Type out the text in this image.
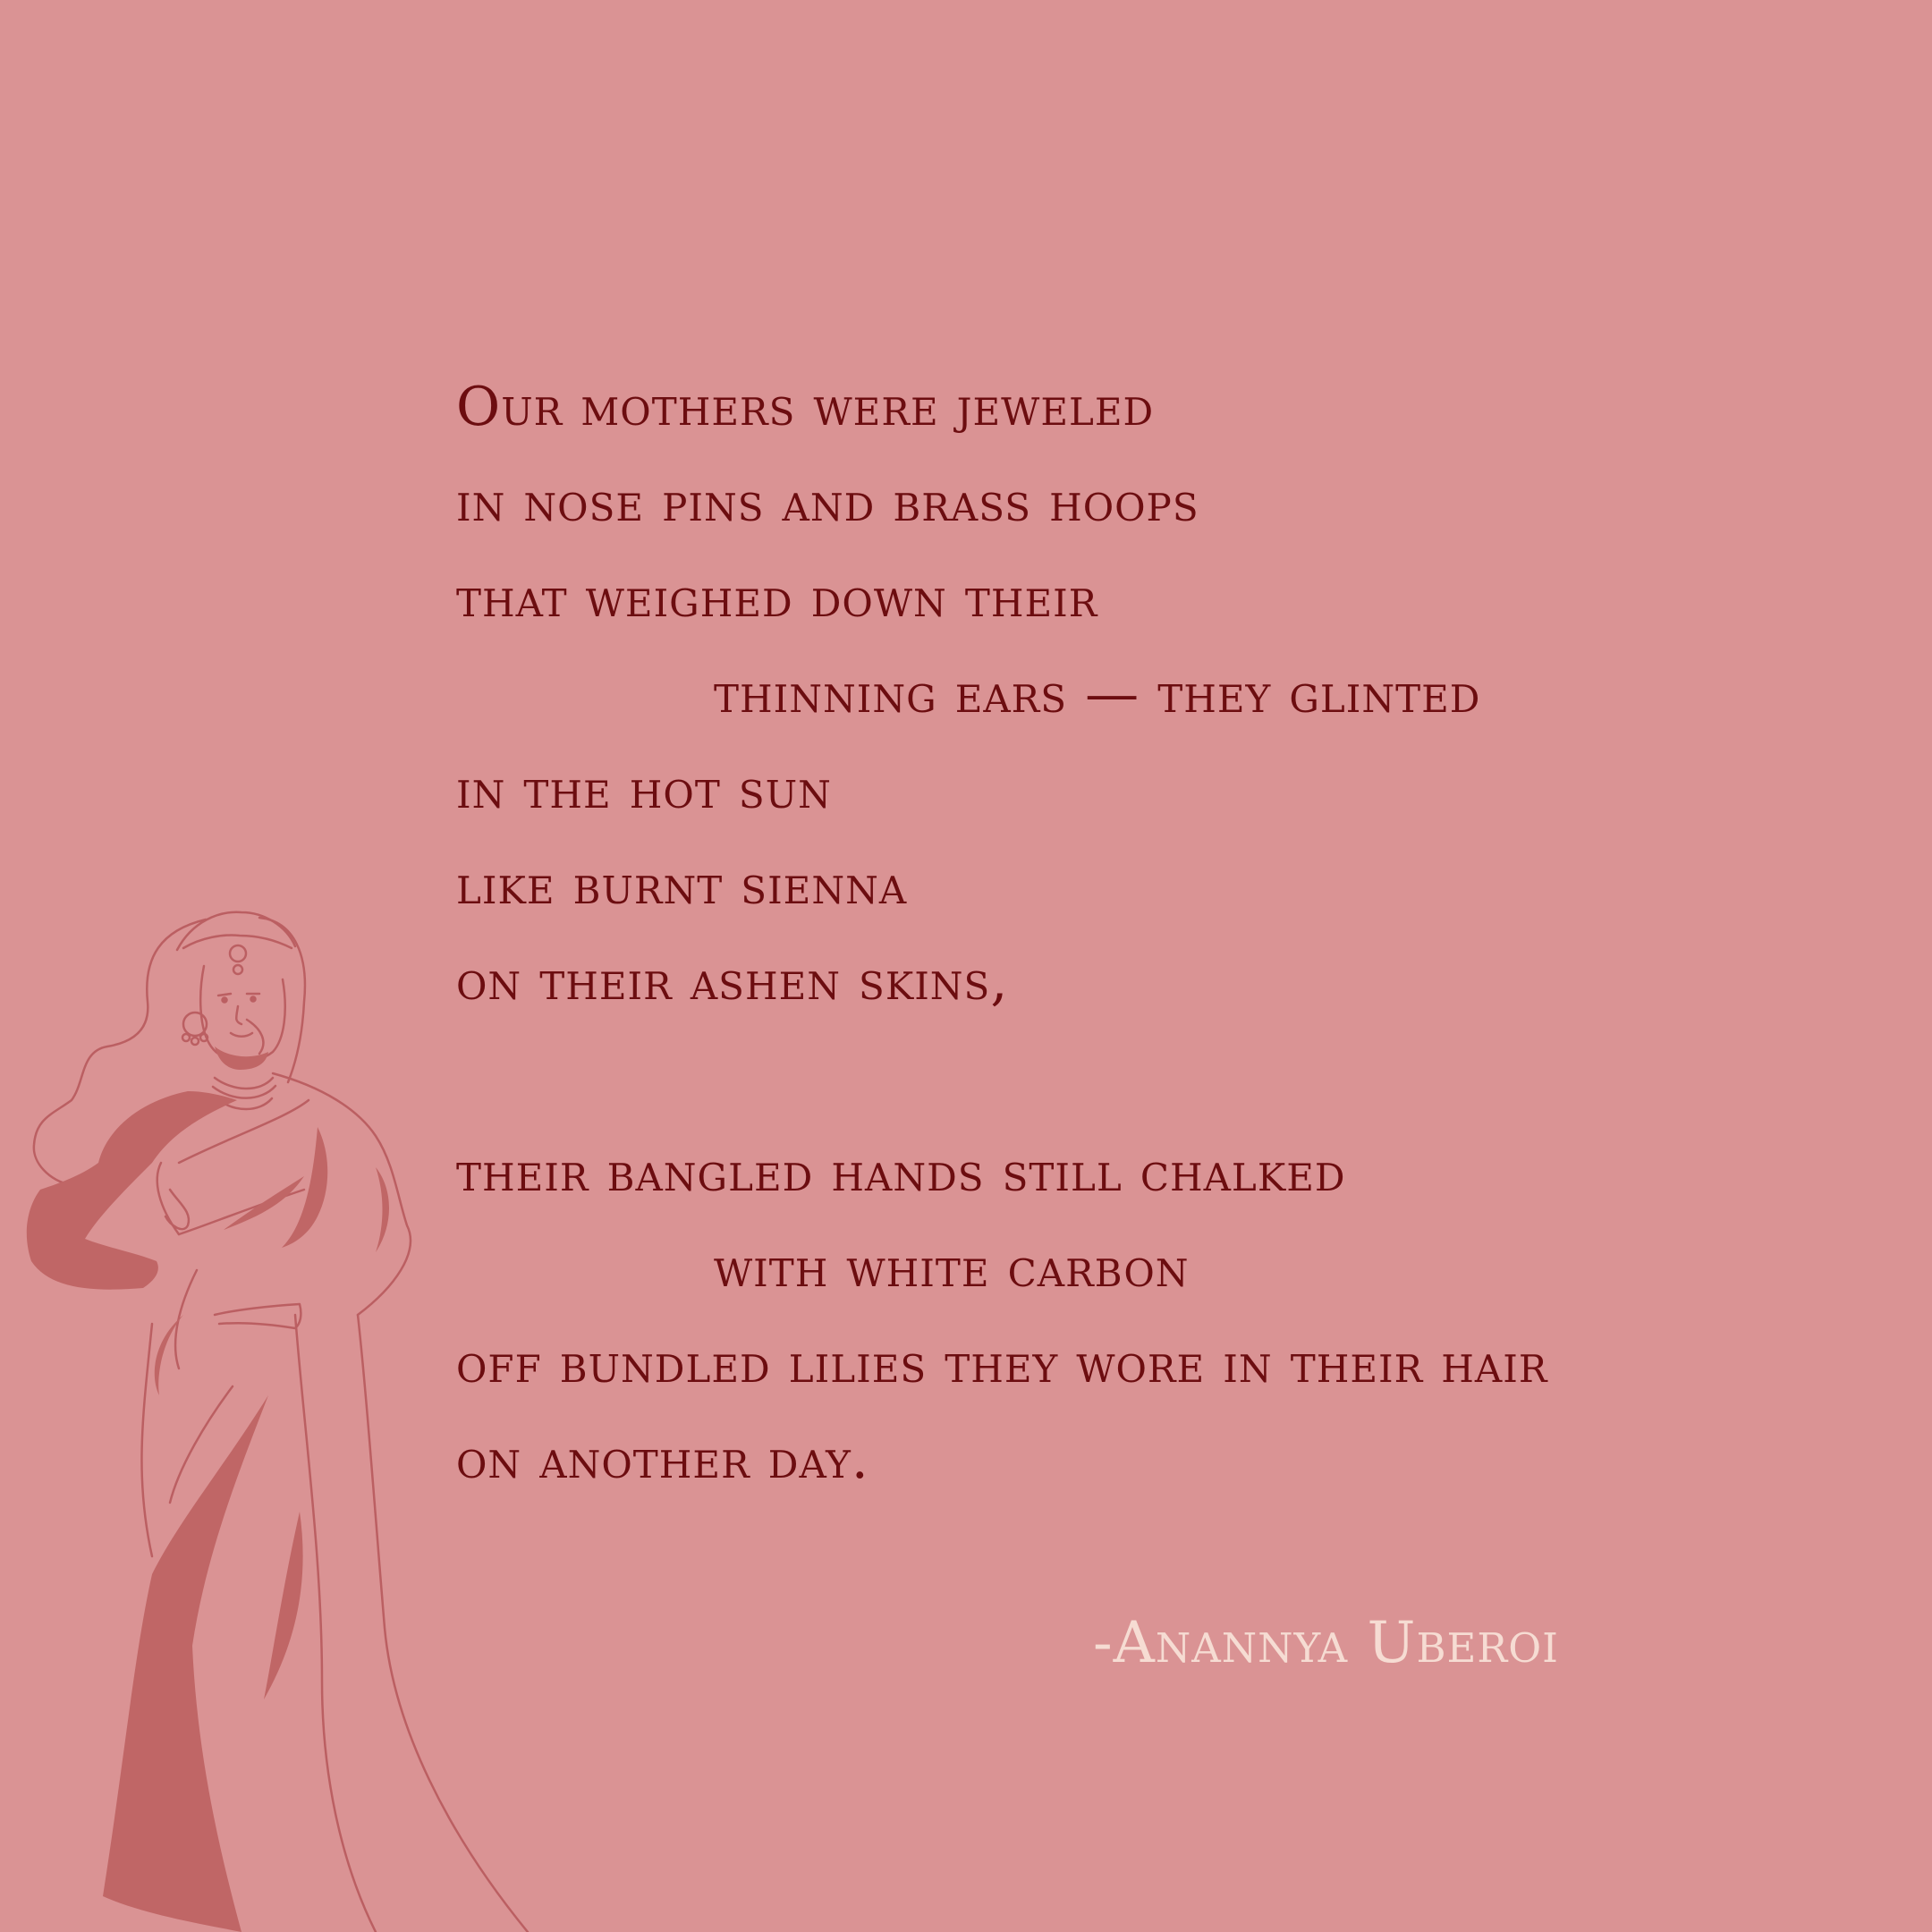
Our mothers were jeweled
in nose pins and brass hoops
that weighed down their
thinning ears — they glinted
in the hot sun
like burnt sienna
on their ashen skins,
their bangled hands still chalked
with white carbon
off bundled lilies they wore in their hair
on another day.
-Anannya Uberoi
